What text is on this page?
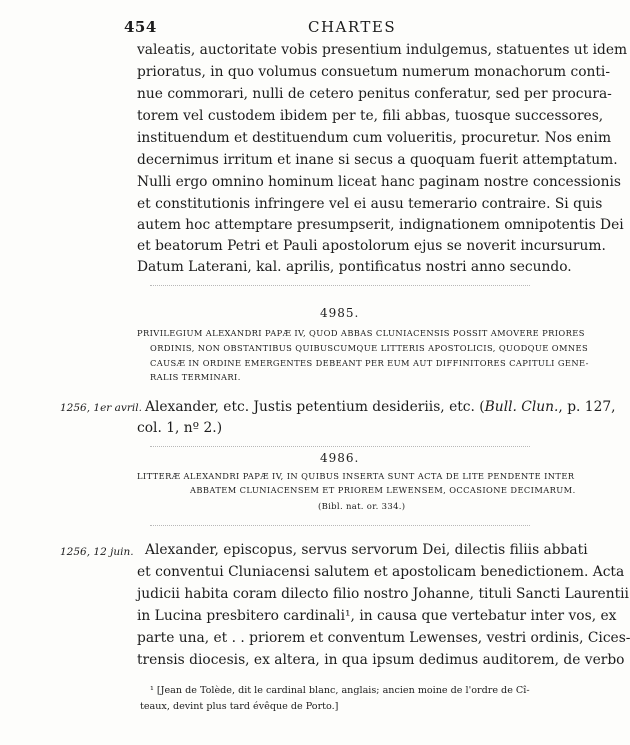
454	CHARTES
valeatis, auctoritate vobis presentium indulgemus, statuentes ut idem
prioratus, in quo volumus consuetum numerum monachorum conti-
nue commorari, nulli de cetero penitus conferatur, sed per procura-
torem vel custodem ibidem per te, fili abbas, tuosque successores,
instituendum et destituendum cum volueritis, procuretur. Nos enim
decernimus irritum et inane si secus a quoquam fuerit attemptatum.
Nulli ergo omnino hominum liceat hanc paginam nostre concessionis
et constitutionis infringere vel ei ausu temerario contraire. Si quis
autem hoc attemptare presumpserit, indignationem omnipotentis Dei
et beatorum Petri et Pauli apostolorum ejus se noverit incursurum.
Datum Laterani, kal. aprilis, pontificatus nostri anno secundo.
4985.
PRIVILEGIUM ALEXANDRI PAPÆ IV, QUOD ABBAS CLUNIACENSIS POSSIT AMOVERE PRIORES
ORDINIS, NON OBSTANTIBUS QUIBUSCUMQUE LITTERIS APOSTOLICIS, QUODQUE OMNES
CAUSÆ IN ORDINE EMERGENTES DEBEANT PER EUM AUT DIFFINITORES CAPITULI GENE-
RALIS TERMINARI.
1256, 1er avril. Alexander, etc. Justis petentium desideriis, etc. (Bull. Clun., p. 127,
col. 1, nº 2.)
4986.
LITTERÆ ALEXANDRI PAPÆ IV, IN QUIBUS INSERTA SUNT ACTA DE LITE PENDENTE INTER
ABBATEM CLUNIACENSEM ET PRIOREM LEWENSEM, OCCASIONE DECIMARUM.
(Bibl. nat. or. 334.)
1256, 12 juin. Alexander, episcopus, servus servorum Dei, dilectis filiis abbati
et conventui Cluniacensi salutem et apostolicam benedictionem. Acta
judicii habita coram dilecto filio nostro Johanne, tituli Sancti Laurentii
in Lucina presbitero cardinali¹, in causa que vertebatur inter vos, ex
parte una, et . . priorem et conventum Lewenses, vestri ordinis, Cices-
trensis diocesis, ex altera, in qua ipsum dedimus auditorem, de verbo
¹ [Jean de Tolède, dit le cardinal blanc, anglais; ancien moine de l'ordre de Cî-
teaux, devint plus tard évêque de Porto.]
